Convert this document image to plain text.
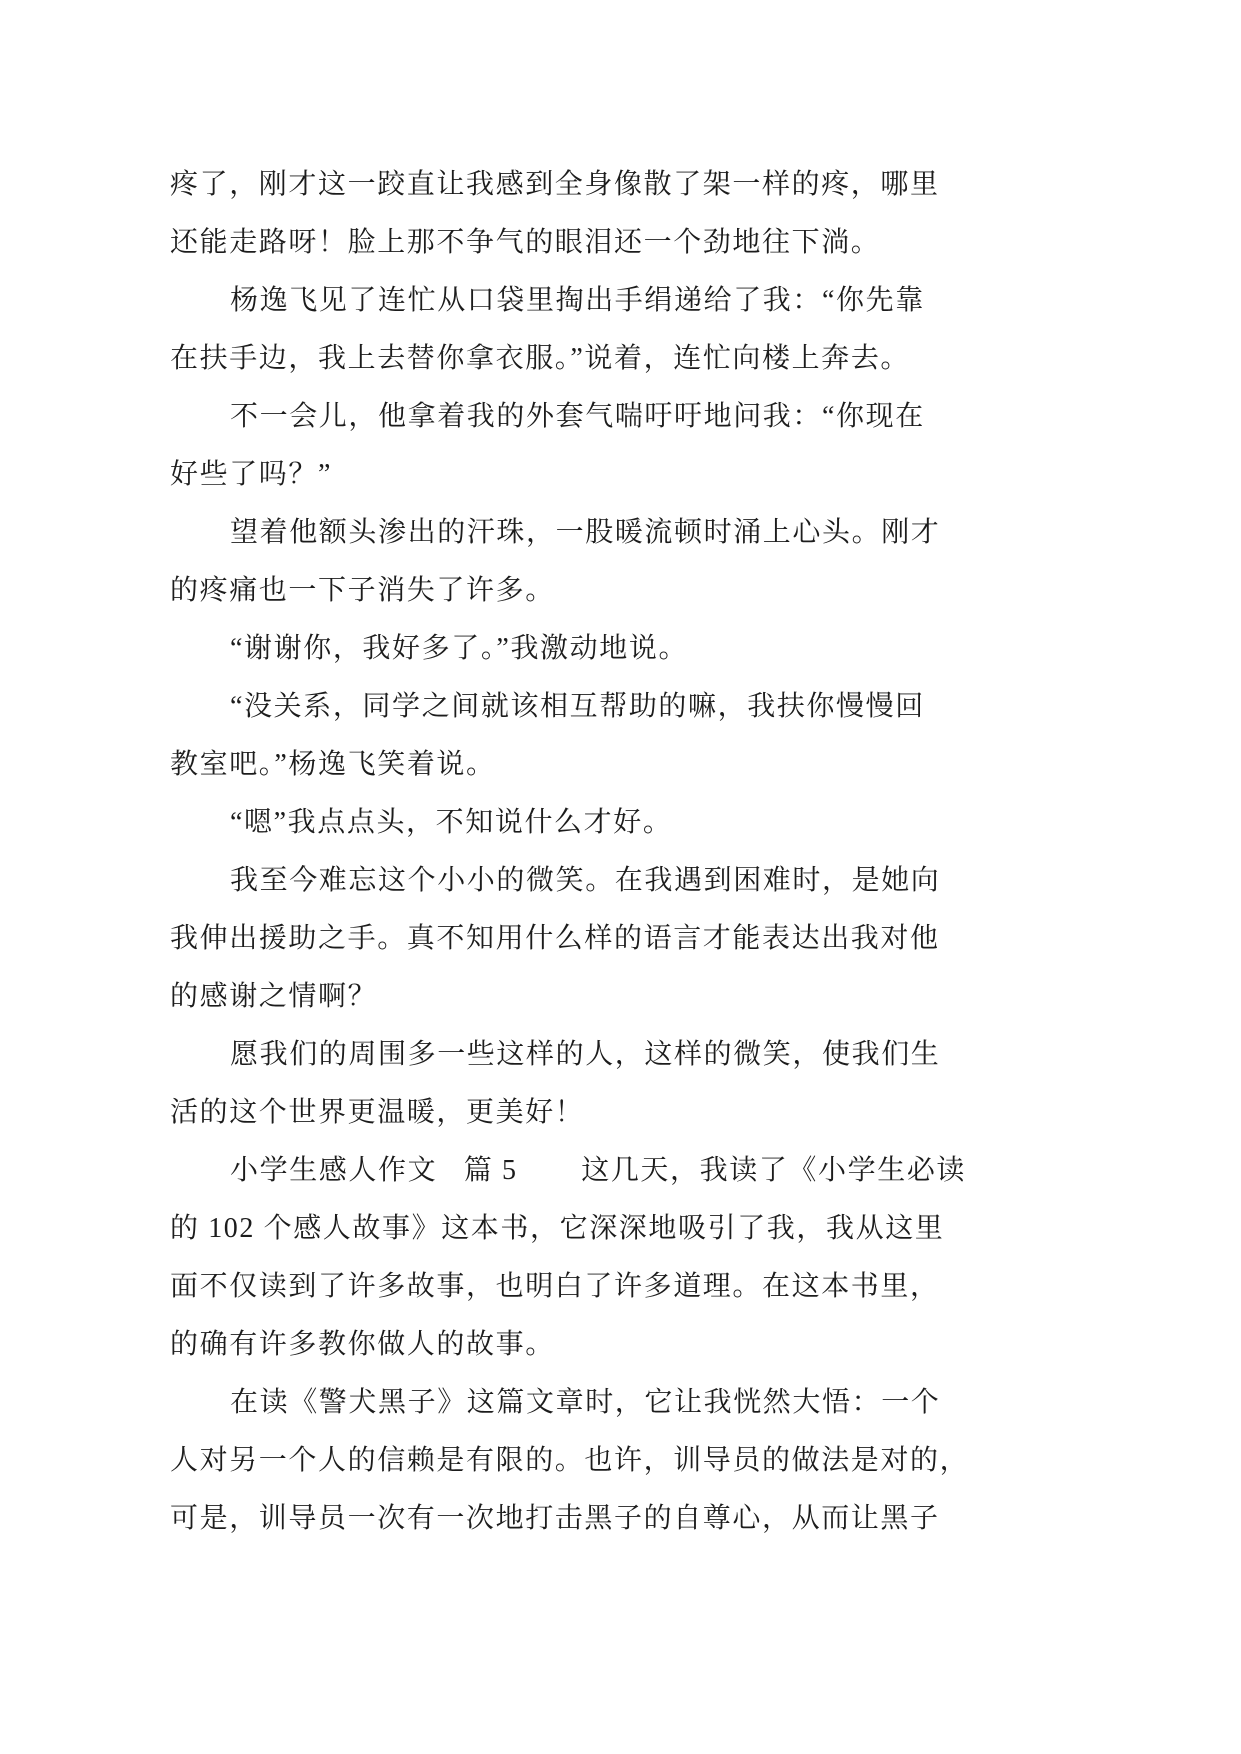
疼了，刚才这一跤直让我感到全身像散了架一样的疼，哪里
还能走路呀！脸上那不争气的眼泪还一个劲地往下淌。
杨逸飞见了连忙从口袋里掏出手绢递给了我：“你先靠
在扶手边，我上去替你拿衣服。”说着，连忙向楼上奔去。
不一会儿，他拿着我的外套气喘吁吁地问我：“你现在
好些了吗？”
望着他额头渗出的汗珠，一股暖流顿时涌上心头。刚才
的疼痛也一下子消失了许多。
“谢谢你，我好多了。”我激动地说。
“没关系，同学之间就该相互帮助的嘛，我扶你慢慢回
教室吧。”杨逸飞笑着说。
“嗯”我点点头，不知说什么才好。
我至今难忘这个小小的微笑。在我遇到困难时，是她向
我伸出援助之手。真不知用什么样的语言才能表达出我对他
的感谢之情啊？
愿我们的周围多一些这样的人，这样的微笑，使我们生
活的这个世界更温暖，更美好！
小学生感人作文 篇 5 这几天，我读了《小学生必读
的 102 个感人故事》这本书，它深深地吸引了我，我从这里
面不仅读到了许多故事，也明白了许多道理。在这本书里，
的确有许多教你做人的故事。
在读《警犬黑子》这篇文章时，它让我恍然大悟：一个
人对另一个人的信赖是有限的。也许，训导员的做法是对的，
可是，训导员一次有一次地打击黑子的自尊心，从而让黑子
